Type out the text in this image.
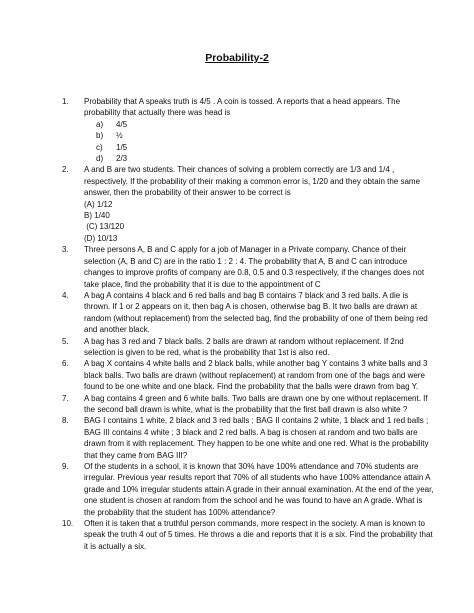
Probability-2
1. Probability that A speaks truth is 4/5 . A coin is tossed. A reports that a head appears. The probability that actually there was head is
a) 4/5
b) ½
c) 1/5
d) 2/3
2. A and B are two students. Their chances of solving a problem correctly are 1/3 and 1/4 , respectively. If the probability of their making a common error is, 1/20 and they obtain the same answer, then the probability of their answer to be correct is
(A) 1/12
B) 1/40
(C) 13/120
(D) 10/13
3. Three persons A, B and C apply for a job of Manager in a Private company. Chance of their selection (A, B and C) are in the ratio 1 : 2 : 4. The probability that A, B and C can introduce changes to improve profits of company are 0.8, 0.5 and 0.3 respectively, if the changes does not take place, find the probability that it is due to the appointment of C
4. A bag A contains 4 black and 6 red balls and bag B contains 7 black and 3 red balls. A die is thrown. If 1 or 2 appears on it, then bag A is chosen, otherwise bag B. It two balls are drawn at random (without replacement) from the selected bag, find the probability of one of them being red and another black.
5. A bag has 3 red and 7 black balls. 2 balls are drawn at random without replacement. If 2nd selection is given to be red, what is the probability that 1st is also red.
6. A bag X contains 4 white balls and 2 black balls, while another bag Y contains 3 white balls and 3 black balls. Two balls are drawn (without replacement) at random from one of the bags and were found to be one white and one black. Find the probability that the balls were drawn from bag Y.
7. A bag contains 4 green and 6 white balls. Two balls are drawn one by one without replacement. If the second ball drawn is white, what is the probability that the first ball drawn is also white ?
8. BAG I contains 1 white, 2 black and 3 red balls ; BAG II contains 2 white, 1 black and 1 red balls ; BAG III contains 4 white ; 3 black and 2 red balls. A bag is chosen at random and two balls are drawn from it with replacement. They happen to be one white and one red. What is the probability that they came from BAG III?
9. Of the students in a school, it is known that 30% have 100% attendance and 70% students are irregular. Previous year results report that 70% of all students who have 100% attendance attain A grade and 10% irregular students attain A grade in their annual examination. At the end of the year, one student is chosen at random from the school and he was found to have an A grade. What is the probability that the student has 100% attendance?
10. Often it is taken that a truthful person commands, more respect in the society. A man is known to speak the truth 4 out of 5 times. He throws a die and reports that it is a six. Find the probability that it is actually a six.
